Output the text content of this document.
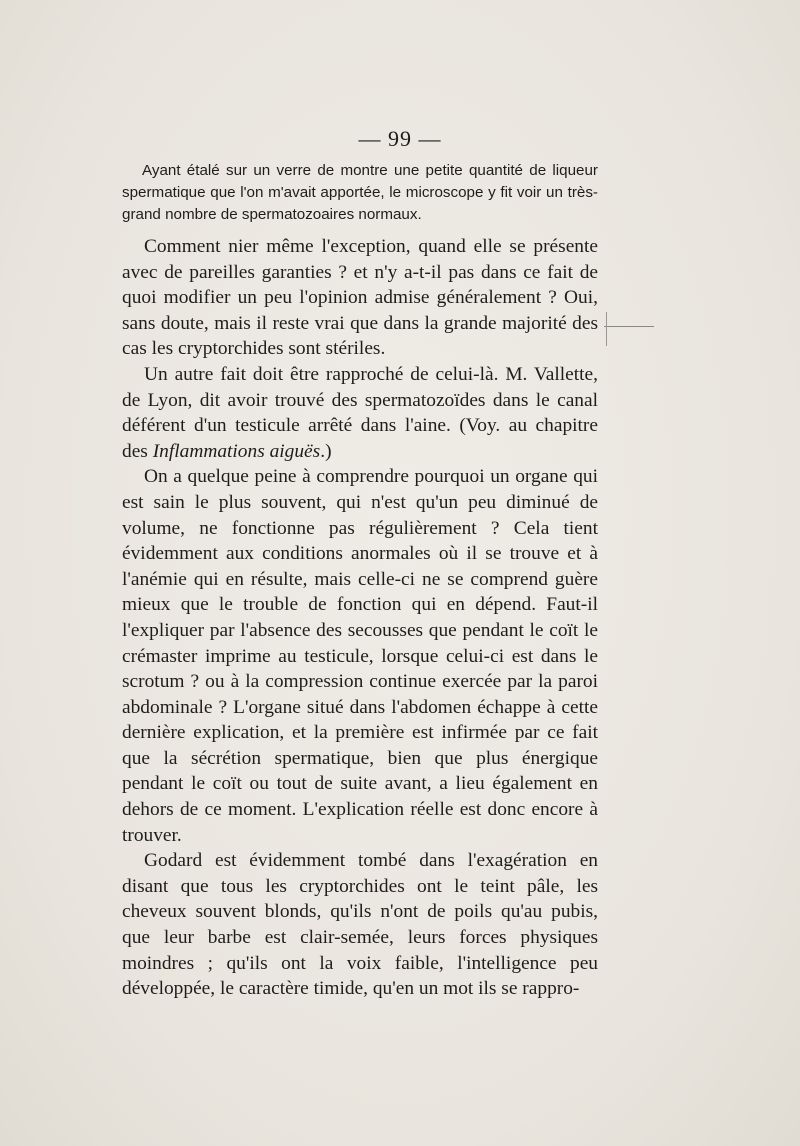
— 99 —

Ayant étalé sur un verre de montre une petite quantité de liqueur spermatique que l'on m'avait apportée, le microscope y fit voir un très-grand nombre de spermatozoaires normaux.

Comment nier même l'exception, quand elle se présente avec de pareilles garanties ? et n'y a-t-il pas dans ce fait de quoi modifier un peu l'opinion admise généralement ? Oui, sans doute, mais il reste vrai que dans la grande majorité des cas les cryptorchides sont stériles.

Un autre fait doit être rapproché de celui-là. M. Vallette, de Lyon, dit avoir trouvé des spermatozoïdes dans le canal déférent d'un testicule arrêté dans l'aine. (Voy. au chapitre des Inflammations aiguës.)

On a quelque peine à comprendre pourquoi un organe qui est sain le plus souvent, qui n'est qu'un peu diminué de volume, ne fonctionne pas régulièrement ? Cela tient évidemment aux conditions anormales où il se trouve et à l'anémie qui en résulte, mais celle-ci ne se comprend guère mieux que le trouble de fonction qui en dépend. Faut-il l'expliquer par l'absence des secousses que pendant le coït le crémaster imprime au testicule, lorsque celui-ci est dans le scrotum ? ou à la compression continue exercée par la paroi abdominale ? L'organe situé dans l'abdomen échappe à cette dernière explication, et la première est infirmée par ce fait que la sécrétion spermatique, bien que plus énergique pendant le coït ou tout de suite avant, a lieu également en dehors de ce moment. L'explication réelle est donc encore à trouver.

Godard est évidemment tombé dans l'exagération en disant que tous les cryptorchides ont le teint pâle, les cheveux souvent blonds, qu'ils n'ont de poils qu'au pubis, que leur barbe est clair-semée, leurs forces physiques moindres ; qu'ils ont la voix faible, l'intelligence peu développée, le caractère timide, qu'en un mot ils se rappro-
